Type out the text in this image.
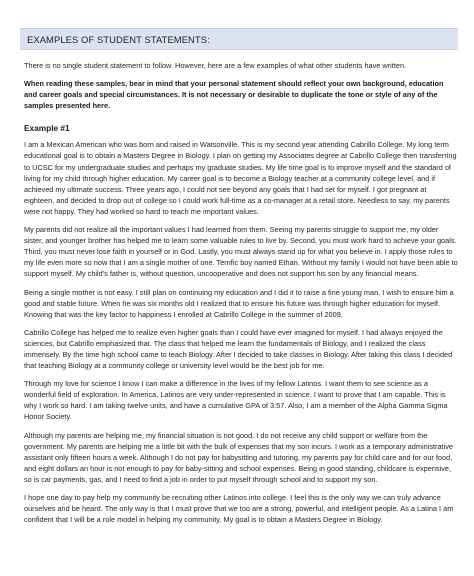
EXAMPLES OF STUDENT STATEMENTS:
There is no single student statement to follow. However, here are a few examples of what other students have written.
When reading these samples, bear in mind that your personal statement should reflect your own background, education and career goals and special circumstances. It is not necessary or desirable to duplicate the tone or style of any of the samples presented here.
Example #1
I am a Mexican American who was born and raised in Watsonville. This is my second year attending Cabrillo College. My long term educational goal is to obtain a Masters Degree in Biology. I plan on getting my Associates degree at Cabrillo College then transferring to UCSC for my undergraduate studies and perhaps my graduate studies. My life time goal is to improve myself and the standard of living for my child through higher education. My career goal is to become a Biology teacher at a community college level, and if achieved my ultimate success. Three years ago, I could not see beyond any goals that I had set for myself. I got pregnant at eighteen, and decided to drop out of college so I could work full-time as a co-manager at a retail store. Needless to say, my parents were not happy. They had worked so hard to teach me important values.
My parents did not realize all the important values I had learned from them. Seeing my parents struggle to support me, my older sister, and younger brother has helped me to learn some valuable rules to live by. Second, you must work hard to achieve your goals. Third, you must never lose faith in yourself or in God. Lastly, you must always stand up for what you believe in. I apply those rules to my life even more so now that I am a single mother of one. Terrific boy named Ethan. Without my family I would not have been able to support myself. My child's father is, without question, uncooperative and does not support his son by any financial means.
Being a single mother is not easy. I still plan on continuing my education and I did it to raise a fine young man. I wish to ensure him a good and stable future. When he was six months old I realized that to ensure his future was through higher education for myself. Knowing that was the key factor to happiness I enrolled at Cabrillo College in the summer of 2009.
Cabrillo College has helped me to realize even higher goals than I could have ever imagined for myself. I had always enjoyed the sciences, but Cabrillo emphasized that. The class that helped me learn the fundamentals of Biology, and I realized the class immensely. By the time high school came to teach Biology. After I decided to take classes in Biology. After taking this class I decided that teaching Biology at a community college or university level would be the best job for me.
Through my love for science I know I can make a difference in the lives of my fellow Latinos. I want them to see science as a wonderful field of exploration. In America, Latinos are very under-represented in science. I want to prove that I am capable. This is why I work so hard. I am taking twelve units, and have a cumulative GPA of 3.57. Also, I am a member of the Alpha Gamma Sigma Honor Society.
Although my parents are helping me, my financial situation is not good. I do not receive any child support or welfare from the government. My parents are helping me a little bit with the bulk of expenses that my son incurs. I work as a temporary administrative assistant only fifteen hours a week. Although I do not pay for babysitting and tutoring, my parents pay for child care and for our food, and eight dollars an hour is not enough to pay for baby-sitting and school expenses. Being in good standing, childcare is expensive, so is car payments, gas, and I need to find a job in order to put myself through school and to support my son.
I hope one day to pay help my community be recruiting other Latinos into college. I feel this is the only way we can truly advance ourselves and be heard. The only way is that I must prove that we too are a strong, powerful, and intelligent people. As a Latina I am confident that I will be a role model in helping my community. My goal is to obtain a Masters Degree in Biology.
